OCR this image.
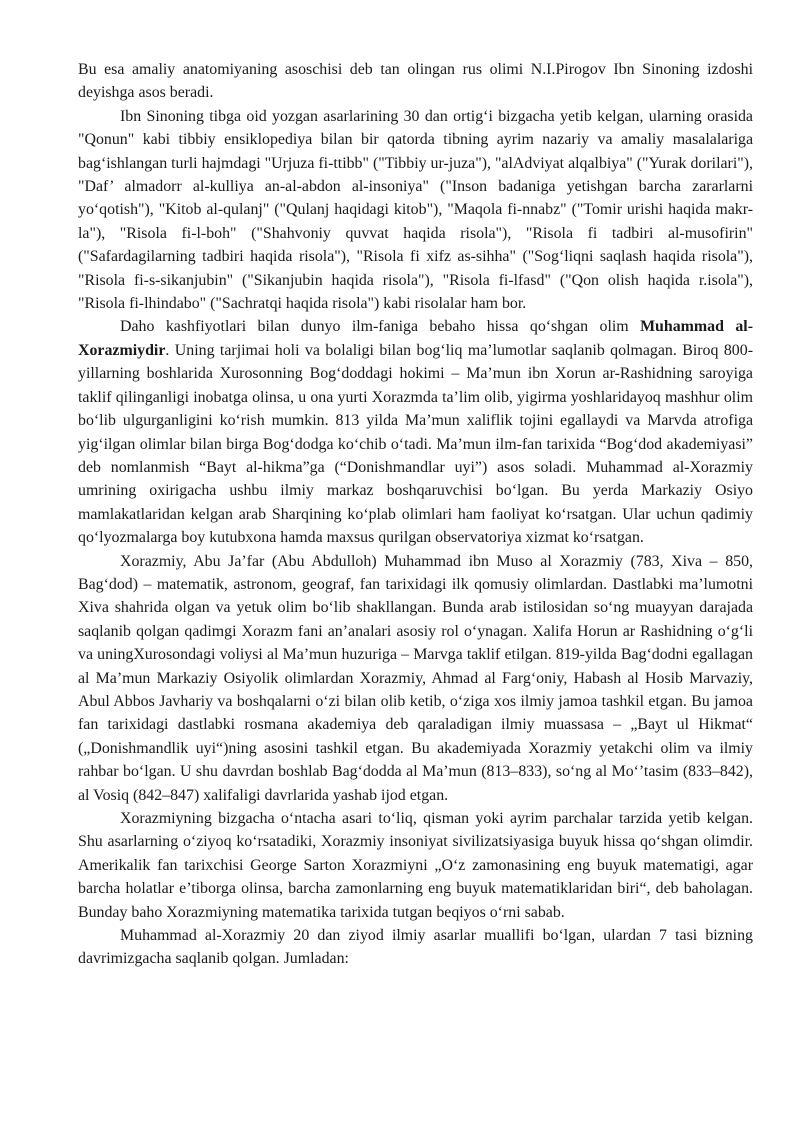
Bu esa amaliy anatomiyaning asoschisi deb tan olingan rus olimi N.I.Pirogov Ibn Sinoning izdoshi deyishga asos beradi.

Ibn Sinoning tibga oid yozgan asarlarining 30 dan ortig‘i bizgacha yetib kelgan, ularning orasida "Qonun" kabi tibbiy ensiklopediya bilan bir qatorda tibning ayrim nazariy va amaliy masalalariga bag‘ishlangan turli hajmdagi "Urjuza fi-ttibb" ("Tibbiy ur-juza"), "alAdviyat alqalbiya" ("Yurak dorilari"), "Daf’ almadorr al-kulliya an-al-abdon al-insoniya" ("Inson badaniga yetishgan barcha zararlarni yo‘qotish"), "Kitob al-qulanj" ("Qulanj haqidagi kitob"), "Maqola fi-nnabz" ("Tomir urishi haqida makr-la"), "Risola fi-l-boh" ("Shahvoniy quvvat haqida risola"), "Risola fi tadbiri al-musofirin" ("Safardagilarning tadbiri haqida risola"), "Risola fi xifz as-sihha" ("Sog‘liqni saqlash haqida risola"), "Risola fi-s-sikanjubin" ("Sikanjubin haqida risola"), "Risola fi-lfasd" ("Qon olish haqida r.isola"), "Risola fi-lhindabo" ("Sachratqi haqida risola") kabi risolalar ham bor.

Daho kashfiyotlari bilan dunyo ilm-faniga bebaho hissa qo‘shgan olim Muhammad al-Xorazmiydir. Uning tarjimai holi va bolaligi bilan bog‘liq ma’lumotlar saqlanib qolmagan. Biroq 800-yillarning boshlarida Xurosonning Bog‘doddagi hokimi – Ma’mun ibn Xorun ar-Rashidning saroyiga taklif qilinganligi inobatga olinsa, u ona yurti Xorazmda ta’lim olib, yigirma yoshlaridayoq mashhur olim bo‘lib ulgurganligini ko‘rish mumkin. 813 yilda Ma’mun xaliflik tojini egallaydi va Marvda atrofiga yig‘ilgan olimlar bilan birga Bog‘dodga ko‘chib o‘tadi. Ma’mun ilm-fan tarixida “Bog‘dod akademiyasi” deb nomlanmish “Bayt al-hikma”ga (“Donishmandlar uyi”) asos soladi. Muhammad al-Xorazmiy umrining oxirigacha ushbu ilmiy markaz boshqaruvchisi bo‘lgan. Bu yerda Markaziy Osiyo mamlakatlaridan kelgan arab Sharqining ko‘plab olimlari ham faoliyat ko‘rsatgan. Ular uchun qadimiy qo‘lyozmalarga boy kutubxona hamda maxsus qurilgan observatoriya xizmat ko‘rsatgan.

Xorazmiy, Abu Ja’far (Abu Abdulloh) Muhammad ibn Muso al Xorazmiy (783, Xiva – 850, Bag‘dod) – matematik, astronom, geograf, fan tarixidagi ilk qomusiy olimlardan. Dastlabki ma’lumotni Xiva shahrida olgan va yetuk olim bo‘lib shakllangan. Bunda arab istilosidan so‘ng muayyan darajada saqlanib qolgan qadimgi Xorazm fani an’analari asosiy rol o‘ynagan. Xalifa Horun ar Rashidning o‘g‘li va uningXurosondagi voliysi al Ma’mun huzuriga – Marvga taklif etilgan. 819-yilda Bag‘dodni egallagan al Ma’mun Markaziy Osiyolik olimlardan Xorazmiy, Ahmad al Farg‘oniy, Habash al Hosib Marvaziy, Abul Abbos Javhariy va boshqalarni o‘zi bilan olib ketib, o‘ziga xos ilmiy jamoa tashkil etgan. Bu jamoa fan tarixidagi dastlabki rosmana akademiya deb qaraladigan ilmiy muassasa – „Bayt ul Hikmat“ („Donishmandlik uyi“)ning asosini tashkil etgan. Bu akademiyada Xorazmiy yetakchi olim va ilmiy rahbar bo‘lgan. U shu davrdan boshlab Bag‘dodda al Ma’mun (813–833), so‘ng al Mo‘’tasim (833–842), al Vosiq (842–847) xalifaligi davrlarida yashab ijod etgan.

Xorazmiyning bizgacha o‘ntacha asari to‘liq, qisman yoki ayrim parchalar tarzida yetib kelgan. Shu asarlarning o‘ziyoq ko‘rsatadiki, Xorazmiy insoniyat sivilizatsiyasiga buyuk hissa qo‘shgan olimdir. Amerikalik fan tarixchisi George Sarton Xorazmiyni „O‘z zamonasining eng buyuk matematigi, agar barcha holatlar e’tiborga olinsa, barcha zamonlarning eng buyuk matematiklaridan biri“, deb baholagan. Bunday baho Xorazmiyning matematika tarixida tutgan beqiyos o‘rni sabab.

Muhammad al-Xorazmiy 20 dan ziyod ilmiy asarlar muallifi bo‘lgan, ulardan 7 tasi bizning davrimizgacha saqlanib qolgan. Jumladan:
